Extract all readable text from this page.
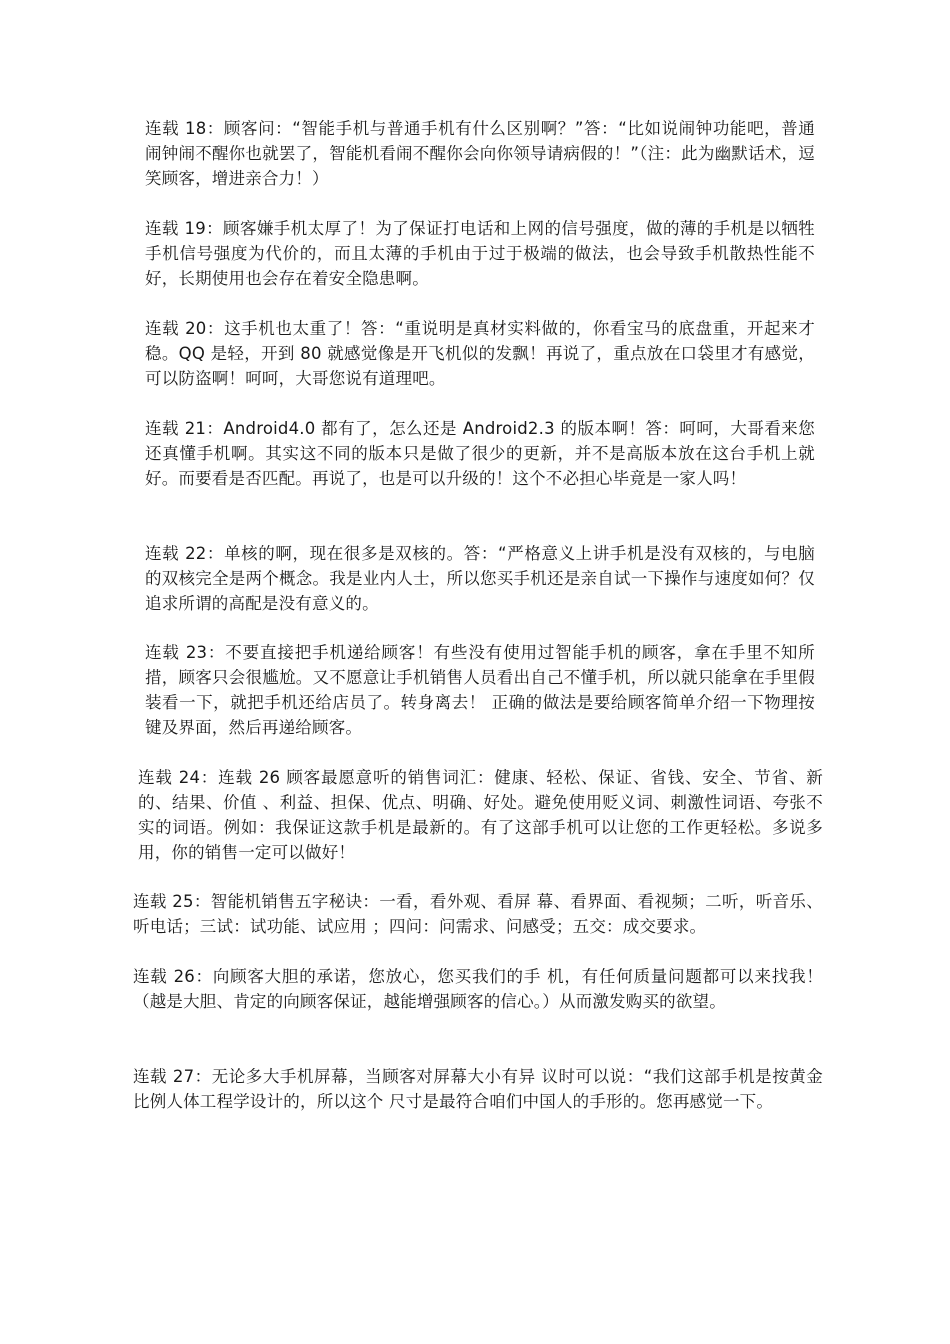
连载 18：顾客问：“智能手机与普通手机有什么区别啊？”答：“比如说闹钟功能吧，普通闹钟闹不醒你也就罢了，智能机看闹不醒你会向你领导请病假的！”（注：此为幽默话术，逗笑顾客，增进亲合力！）

连载 19：顾客嫌手机太厚了！为了保证打电话和上网的信号强度，做的薄的手机是以牺牲手机信号强度为代价的，而且太薄的手机由于过于极端的做法，也会导致手机散热性能不好，长期使用也会存在着安全隐患啊。

连载 20：这手机也太重了！答：“重说明是真材实料做的，你看宝马的底盘重，开起来才稳。QQ 是轻，开到 80 就感觉像是开飞机似的发飘！再说了，重点放在口袋里才有感觉，可以防盗啊！呵呵，大哥您说有道理吧。

连载 21：Android4.0 都有了，怎么还是 Android2.3 的版本啊！答：呵呵，大哥看来您还真懂手机啊。其实这不同的版本只是做了很少的更新，并不是高版本放在这台手机上就好。而要看是否匹配。再说了，也是可以升级的！这个不必担心毕竟是一家人吗！

连载 22：单核的啊，现在很多是双核的。答：“严格意义上讲手机是没有双核的，与电脑的双核完全是两个概念。我是业内人士，所以您买手机还是亲自试一下操作与速度如何？仅追求所谓的高配是没有意义的。

连载 23：不要直接把手机递给顾客！有些没有使用过智能手机的顾客，拿在手里不知所措，顾客只会很尴尬。又不愿意让手机销售人员看出自己不懂手机，所以就只能拿在手里假装看一下，就把手机还给店员了。转身离去！ 正确的做法是要给顾客简单介绍一下物理按键及界面，然后再递给顾客。

连载 24：连载 26 顾客最愿意听的销售词汇：健康、轻松、保证、省钱、安全、节省、新的、结果、价值 、利益、担保、优点、明确、好处。避免使用贬义词、刺激性词语、夸张不实的词语。例如：我保证这款手机是最新的。有了这部手机可以让您的工作更轻松。多说多用，你的销售一定可以做好！

连载 25：智能机销售五字秘诀：一看，看外观、看屏 幕、看界面、看视频；二听，听音乐、听电话；三试：试功能、试应用 ；四问：问需求、问感受；五交：成交要求。

连载 26：向顾客大胆的承诺，您放心，您买我们的手 机，有任何质量问题都可以来找我！（越是大胆、肯定的向顾客保证，越能增强顾客的信心。）从而激发购买的欲望。

连载 27：无论多大手机屏幕，当顾客对屏幕大小有异 议时可以说：“我们这部手机是按黄金比例人体工程学设计的，所以这个 尺寸是最符合咱们中国人的手形的。您再感觉一下。
